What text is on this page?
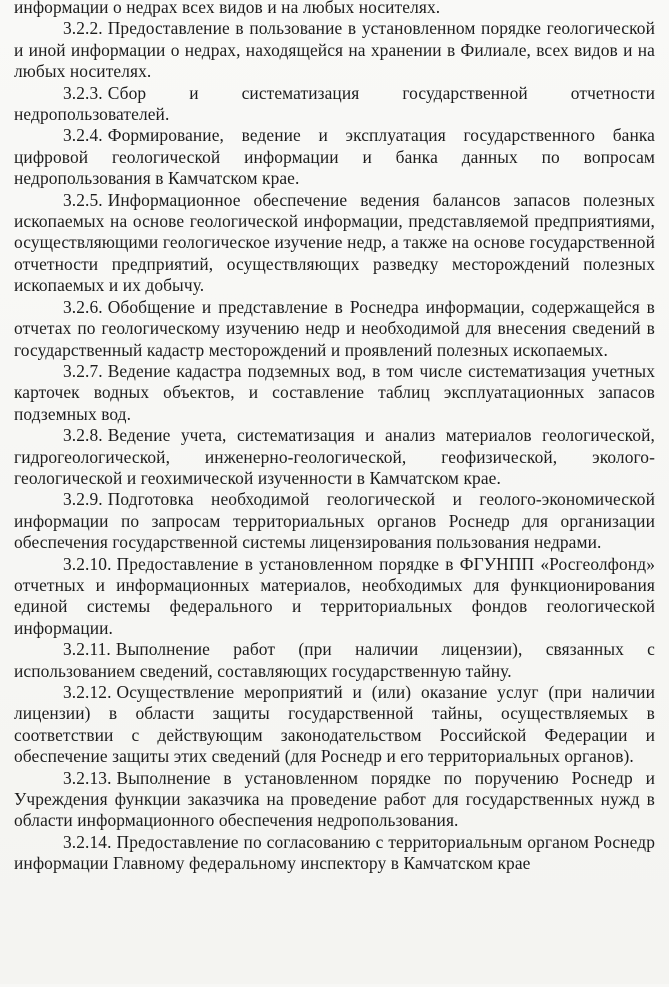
информации о недрах всех видов и на любых носителях.

3.2.2. Предоставление в пользование в установленном порядке геологической и иной информации о недрах, находящейся на хранении в Филиале, всех видов и на любых носителях.

3.2.3. Сбор и систематизация государственной отчетности недропользователей.

3.2.4. Формирование, ведение и эксплуатация государственного банка цифровой геологической информации и банка данных по вопросам недропользования в Камчатском крае.

3.2.5. Информационное обеспечение ведения балансов запасов полезных ископаемых на основе геологической информации, представляемой предприятиями, осуществляющими геологическое изучение недр, а также на основе государственной отчетности предприятий, осуществляющих разведку месторождений полезных ископаемых и их добычу.

3.2.6. Обобщение и представление в Роснедра информации, содержащейся в отчетах по геологическому изучению недр и необходимой для внесения сведений в государственный кадастр месторождений и проявлений полезных ископаемых.

3.2.7. Ведение кадастра подземных вод, в том числе систематизация учетных карточек водных объектов, и составление таблиц эксплуатационных запасов подземных вод.

3.2.8. Ведение учета, систематизация и анализ материалов геологической, гидрогеологической, инженерно-геологической, геофизической, эколого-геологической и геохимической изученности в Камчатском крае.

3.2.9. Подготовка необходимой геологической и геолого-экономической информации по запросам территориальных органов Роснедр для организации обеспечения государственной системы лицензирования пользования недрами.

3.2.10. Предоставление в установленном порядке в ФГУНПП «Росгеолфонд» отчетных и информационных материалов, необходимых для функционирования единой системы федерального и территориальных фондов геологической информации.

3.2.11. Выполнение работ (при наличии лицензии), связанных с использованием сведений, составляющих государственную тайну.

3.2.12. Осуществление мероприятий и (или) оказание услуг (при наличии лицензии) в области защиты государственной тайны, осуществляемых в соответствии с действующим законодательством Российской Федерации и обеспечение защиты этих сведений (для Роснедр и его территориальных органов).

3.2.13. Выполнение в установленном порядке по поручению Роснедр и Учреждения функции заказчика на проведение работ для государственных нужд в области информационного обеспечения недропользования.

3.2.14. Предоставление по согласованию с территориальным органом Роснедр информации Главному федеральному инспектору в Камчатском крае
